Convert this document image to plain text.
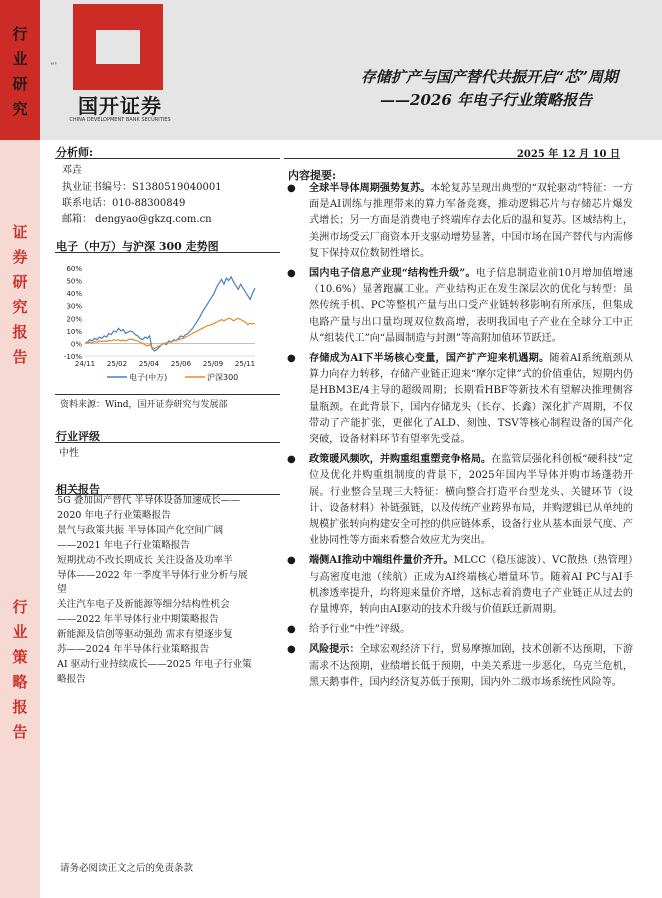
行
业
研
究
证
券
研
究
报
告
行
业
策
略
报
告
“'
国开证券
CHINA DEVELOPMENT BANK SECURITIES
存储扩产与国产替代共振开启“芯”周期
——2026 年电子行业策略报告
分析师:
邓垚
执业证书编号：S1380519040001
联系电话：010-88300849
邮箱： dengyao@gkzq.com.cn
2025 年 12 月 10 日
电子（中万）与沪深 300 走势图
60%
50%
40%
30%
20%
10%
0%
-10%
24/11 25/02 25/04 25/06 25/09 25/11
电子(中万)	沪深300
资料来源：Wind，国开证券研究与发展部
行业评级
中性
相关报告
5G 叠加国产替代 半导体设备加速成长——
2020 年电子行业策略报告
景气与政策共振 半导体国产化空间广阔
——2021 年电子行业策略报告
短期扰动不改长期成长 关注设备及功率半
导体——2022 年一季度半导体行业分析与展
望
关注汽车电子及新能源等细分结构性机会
——2022 年半导体行业中期策略报告
新能源及信创等驱动强劲 需求有望逐步复
苏——2024 年半导体行业策略报告
AI 驱动行业持续成长——2025 年电子行业策
略报告
内容提要:
● 全球半导体周期强势复苏。本轮复苏呈现出典型的“双轮驱动”特征：一方面是AI训练与推理带来的算力军备竞赛，推动逻辑芯片与存储芯片爆发式增长；另一方面是消费电子终端库存去化后的温和复苏。区域结构上，美洲市场受云厂商资本开支驱动增势显著，中国市场在国产替代与内需修复下保持双位数韧性增长。
● 国内电子信息产业现“结构性升级”。电子信息制造业前10月增加值增速（10.6%）显著跑赢工业。产业结构正在发生深层次的优化与转型：虽然传统手机、PC等整机产量与出口受产业链转移影响有所承压，但集成电路产量与出口量均现双位数高增，表明我国电子产业在全球分工中正从“组装代工”向“晶圆制造与封测”等高附加值环节跃迁。
● 存储成为AI下半场核心变量，国产扩产迎来机遇期。随着AI系统瓶颈从算力向存力转移，存储产业链正迎来“摩尔定律”式的价值重估，短期内仍是HBM3E/4主导的超级周期；长期看HBF等新技术有望解决推理侧容量瓶颈。在此背景下，国内存储龙头（长存、长鑫）深化扩产周期，不仅带动了产能扩张，更催化了ALD、刻蚀、TSV等核心制程设备的国产化突破，设备材料环节有望率先受益。
● 政策暖风频吹，并购重组重塑竞争格局。在监管层强化科创板“硬科技”定位及优化并购重组制度的背景下，2025年国内半导体并购市场蓬勃开展。行业整合呈现三大特征：横向整合打造平台型龙头、关键环节（设计、设备材料）补链强链，以及传统产业跨界布局，并购逻辑已从单纯的规模扩张转向构建安全可控的供应链体系，设备行业从基本面景气度、产业协同性等方面来看整合效应尤为突出。
● 端侧AI推动中端组件量价齐升。MLCC（稳压滤波）、VC散热（热管理）与高密度电池（续航）正成为AI终端核心增量环节。随着AI PC与AI手机渗透率提升，均将迎来量价齐增，这标志着消费电子产业链正从过去的存量博弈，转向由AI驱动的技术升级与价值跃迁新周期。
● 给予行业“中性”评级。
● 风险提示：全球宏观经济下行，贸易摩擦加剧，技术创新不达预期，下游需求不达预期，业绩增长低于预期，中美关系进一步恶化，乌克兰危机，黑天鹅事件，国内经济复苏低于预期，国内外二级市场系统性风险等。
请务必阅读正文之后的免责条款
